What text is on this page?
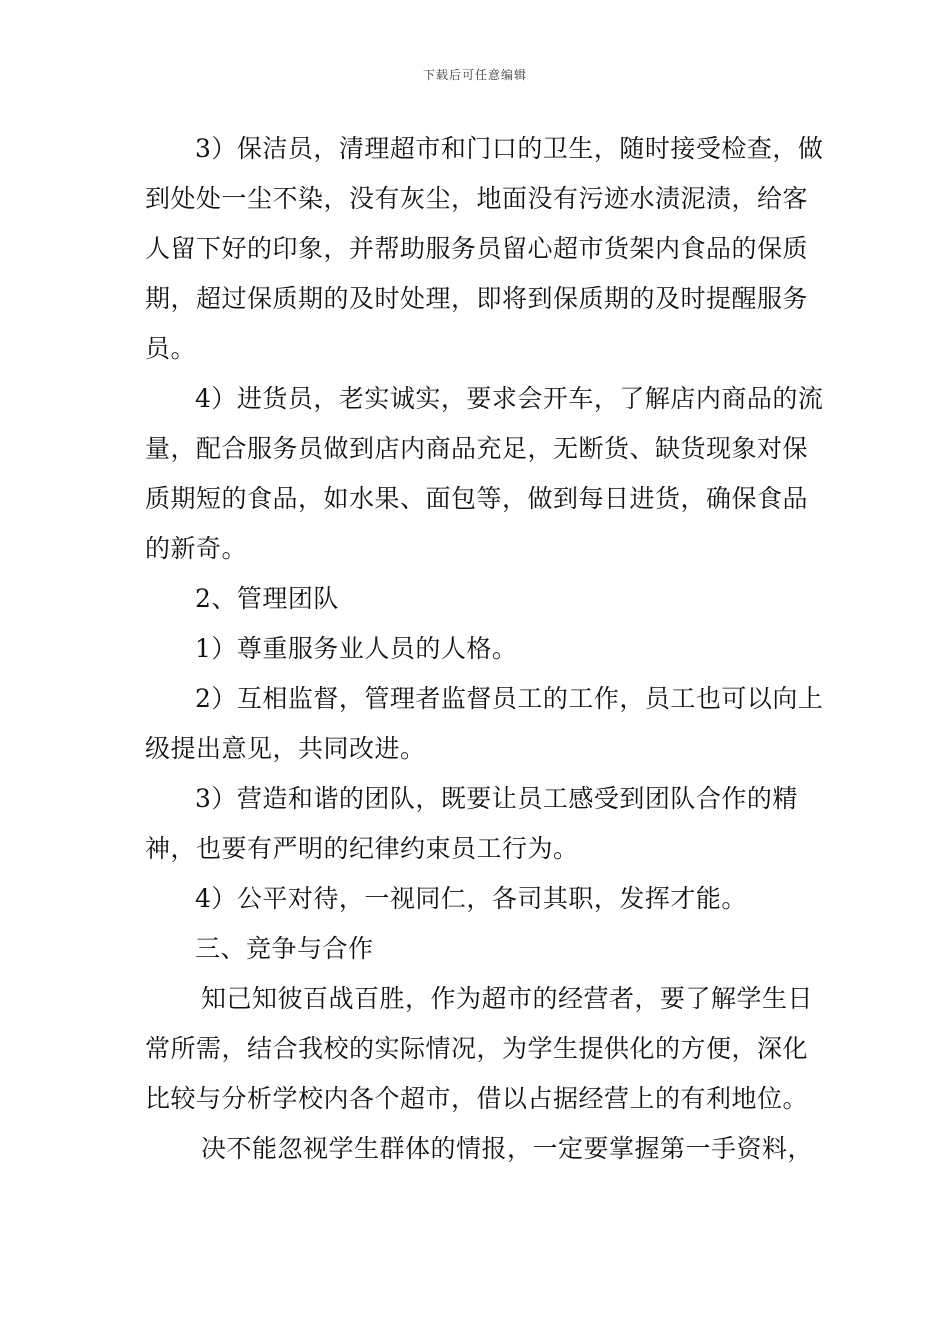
下载后可任意编辑

3）保洁员，清理超市和门口的卫生，随时接受检查，做到处处一尘不染，没有灰尘，地面没有污迹水渍泥渍，给客人留下好的印象，并帮助服务员留心超市货架内食品的保质期，超过保质期的及时处理，即将到保质期的及时提醒服务员。

4）进货员，老实诚实，要求会开车，了解店内商品的流量，配合服务员做到店内商品充足，无断货、缺货现象对保质期短的食品，如水果、面包等，做到每日进货，确保食品的新奇。

2、管理团队

1）尊重服务业人员的人格。

2）互相监督，管理者监督员工的工作，员工也可以向上级提出意见，共同改进。

3）营造和谐的团队，既要让员工感受到团队合作的精神，也要有严明的纪律约束员工行为。

4）公平对待，一视同仁，各司其职，发挥才能。

三、竞争与合作

知己知彼百战百胜，作为超市的经营者，要了解学生日常所需，结合我校的实际情况，为学生提供化的方便，深化比较与分析学校内各个超市，借以占据经营上的有利地位。

决不能忽视学生群体的情报，一定要掌握第一手资料，
